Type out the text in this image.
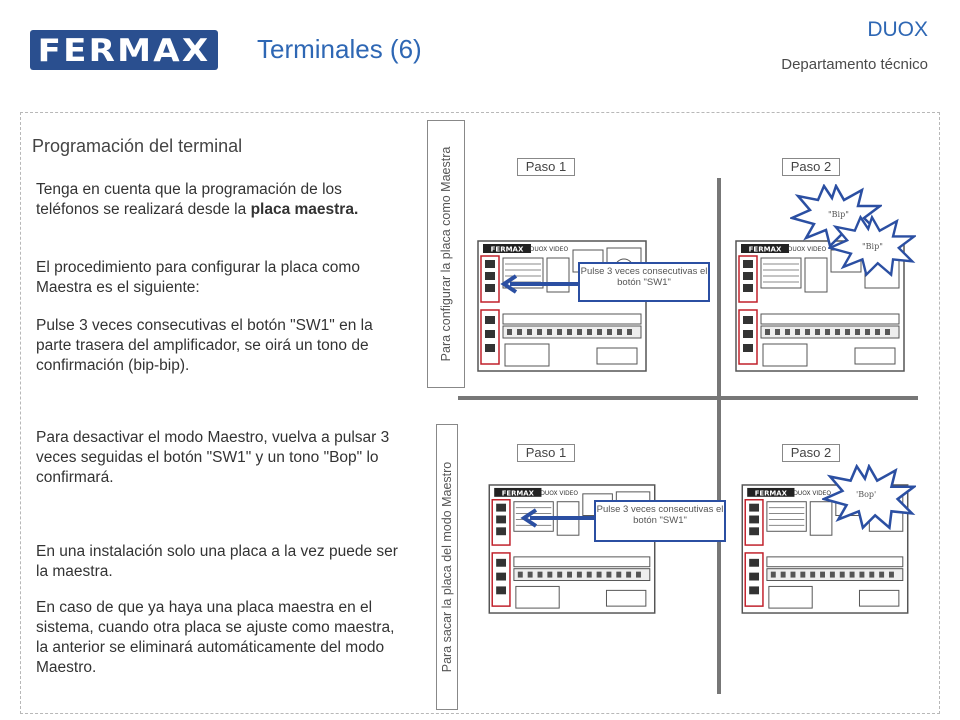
FERMAX	Terminales (6)
DUOX
Departamento técnico
Programación del terminal
Tenga en cuenta que la programación de los teléfonos se realizará desde la placa maestra.
El procedimiento para configurar la placa como Maestra es el siguiente:
Pulse 3 veces consecutivas el botón "SW1" en la parte trasera del amplificador, se oirá un tono de confirmación (bip-bip).
Para desactivar el modo Maestro, vuelva a pulsar 3 veces seguidas el botón "SW1" y un tono "Bop" lo confirmará.
En una instalación solo una placa a la vez puede ser la maestra.
En caso de que ya haya una placa maestra en el sistema, cuando otra placa se ajuste como maestra, la anterior se eliminará automáticamente del modo Maestro.
Para configurar la placa como Maestra
Para sacar la placa del modo Maestro
Paso 1	Paso 2
Paso 1	Paso 2
FERMAX DUOX VIDEO	FERMAX DUOX VIDEO
FERMAX DUOX VIDEO	FERMAX DUOX VIDEO
Pulse 3 veces consecutivas el botón "SW1"
Pulse 3 veces consecutivas el botón "SW1"
"Bip"
"Bip"
'Bop'
